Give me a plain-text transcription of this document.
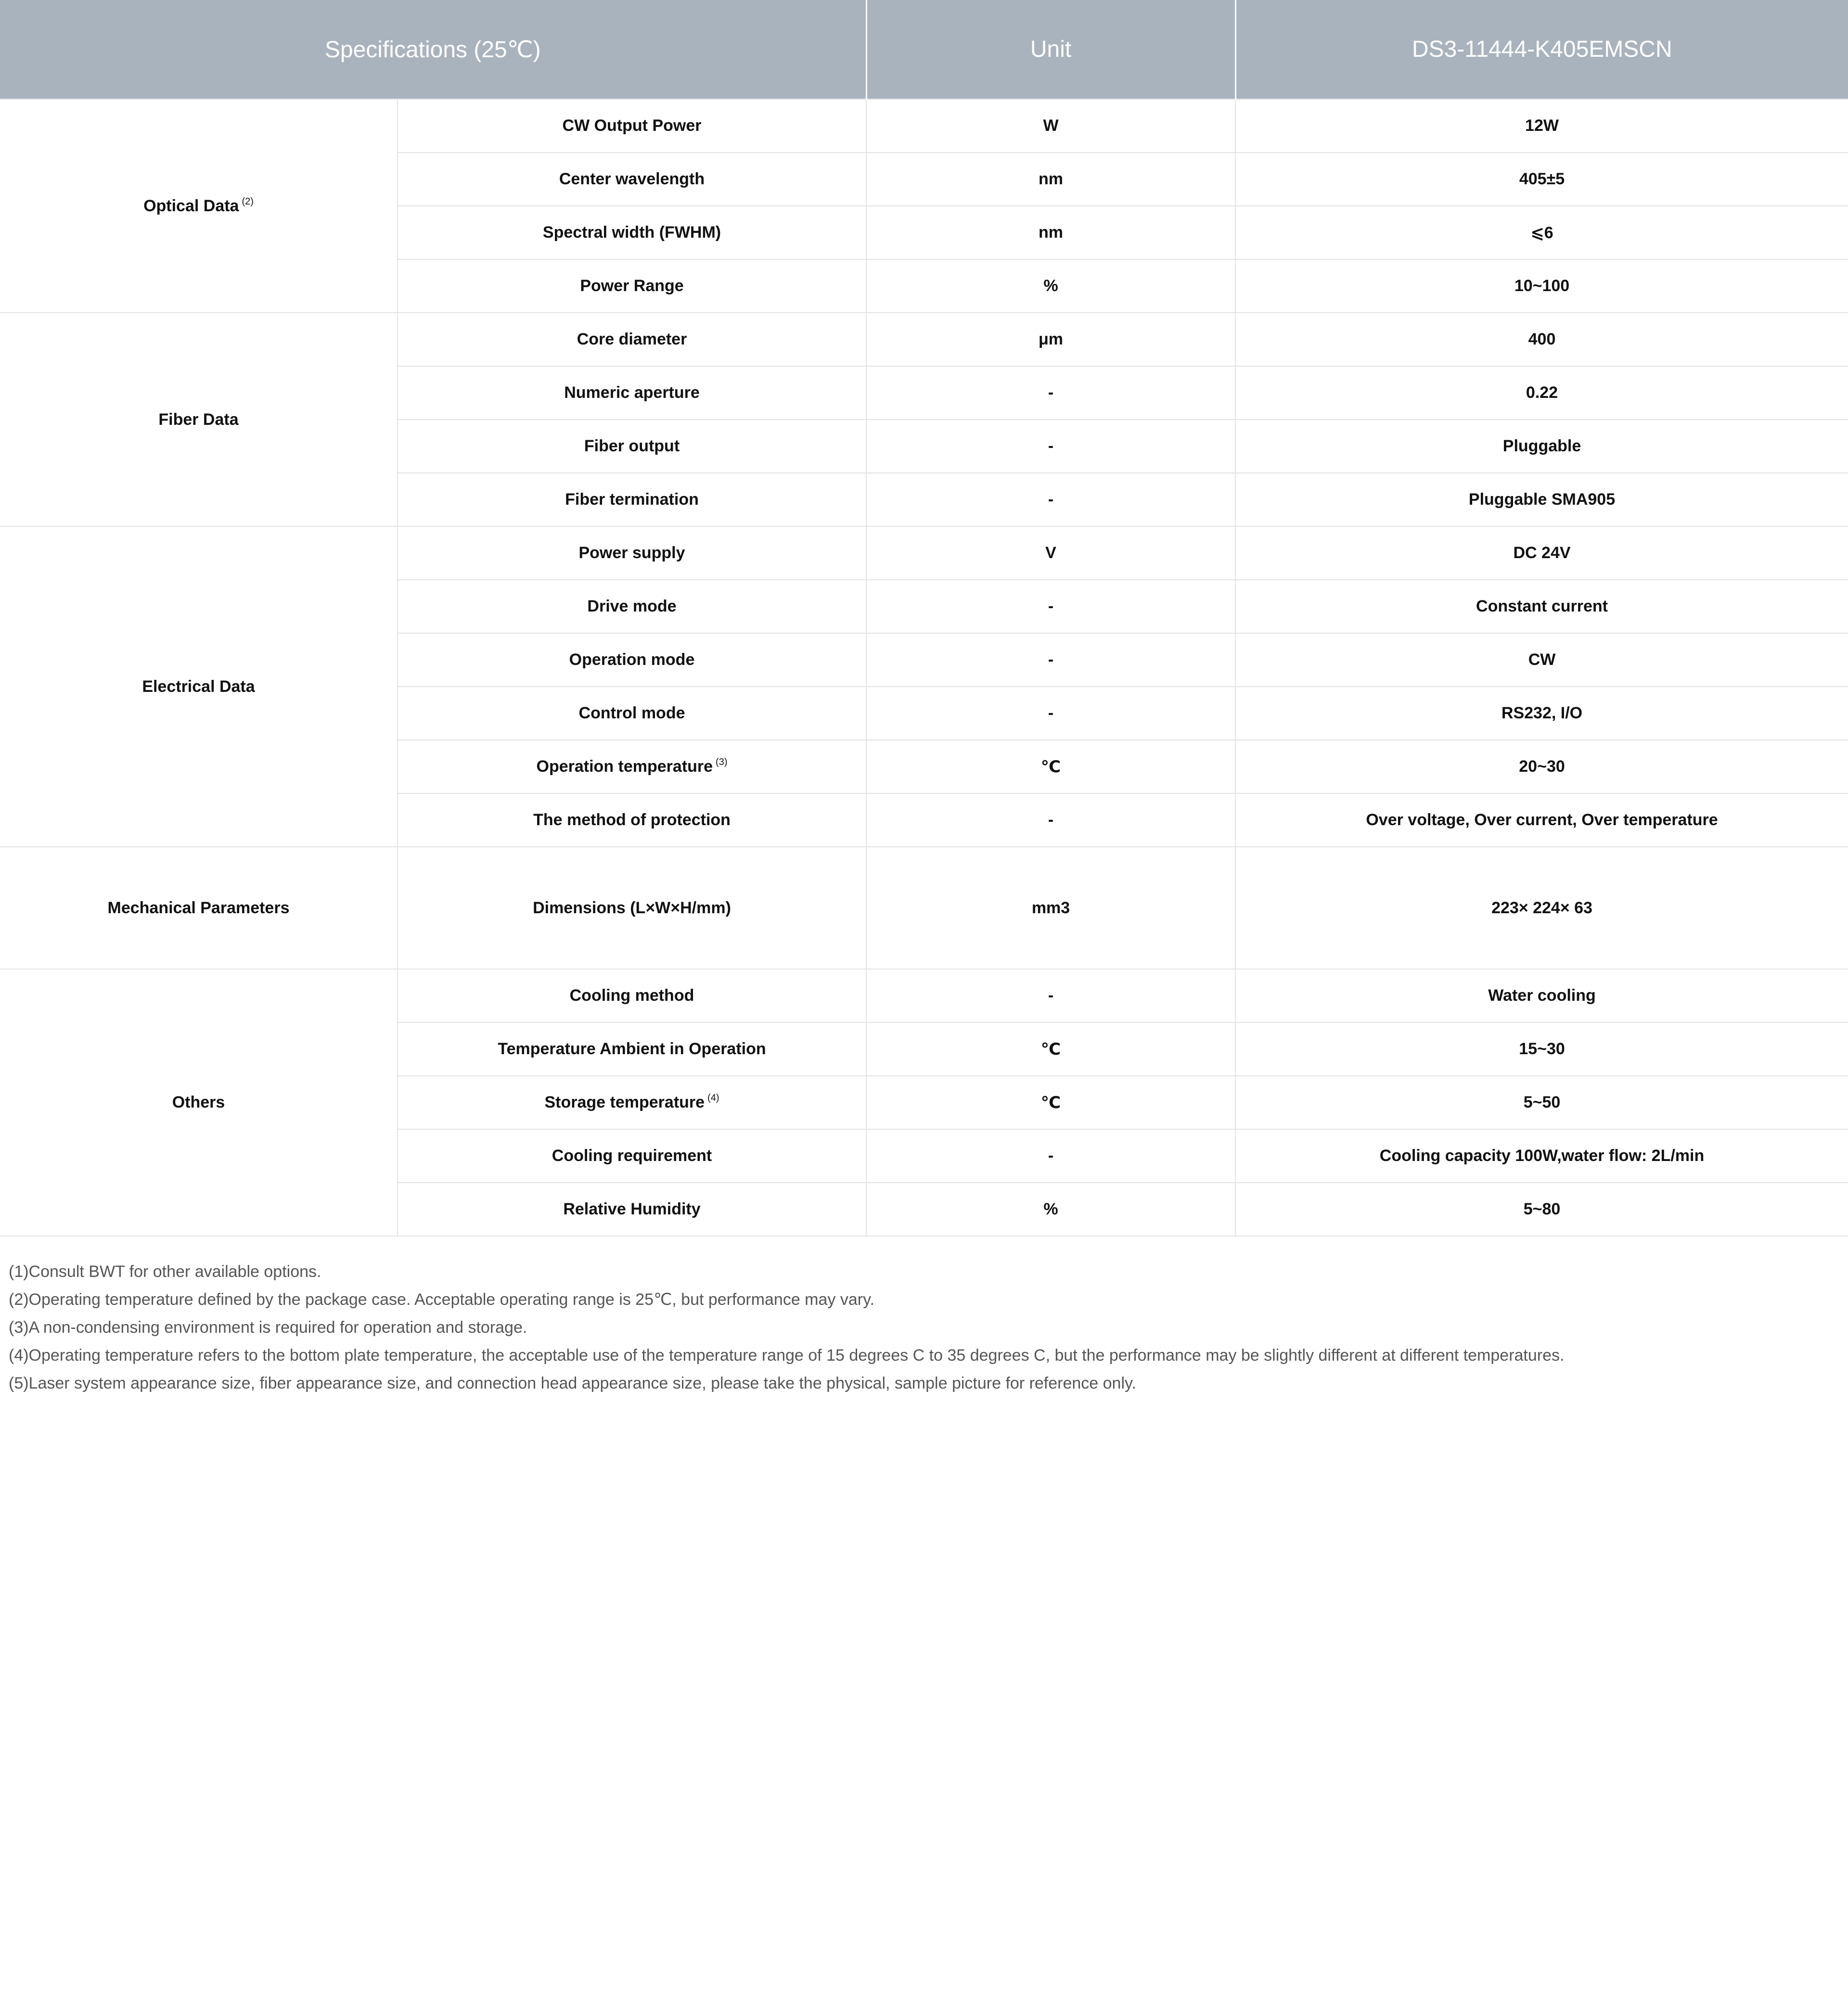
Specifications (25℃)		Unit	DS3-11444-K405EMSCN
Optical Data $^{(2)}$	CW Output Power	W	12W
	Center wavelength	nm	405±5
	Spectral width (FWHM)	nm	⩽6
	Power Range	%	10~100
Fiber Data	Core diameter	μm	400
	Numeric aperture	-	0.22
	Fiber output	-	Pluggable
	Fiber termination	-	Pluggable SMA905
Electrical Data	Power supply	V	DC 24V
	Drive mode	-	Constant current
	Operation mode	-	CW
	Control mode	-	RS232, I/O
	Operation temperature $^{(3)}$	℃	20~30
	The method of protection	-	Over voltage, Over current, Over temperature
Mechanical Parameters	Dimensions (L×W×H/mm)	mm3	223× 224× 63
Others	Cooling method	-	Water cooling
	Temperature Ambient in Operation	℃	15~30
	Storage temperature $^{(4)}$	℃	5~50
	Cooling requirement	-	Cooling capacity 100W,water flow: 2L/min
	Relative Humidity	%	5~80
(1)Consult BWT for other available options.
(2)Operating temperature defined by the package case. Acceptable operating range is 25℃, but performance may vary.
(3)A non-condensing environment is required for operation and storage.
(4)Operating temperature refers to the bottom plate temperature, the acceptable use of the temperature range of 15 degrees C to 35 degrees C, but the performance may be slightly different at different temperatures.
(5)Laser system appearance size, fiber appearance size, and connection head appearance size, please take the physical, sample picture for reference only.
